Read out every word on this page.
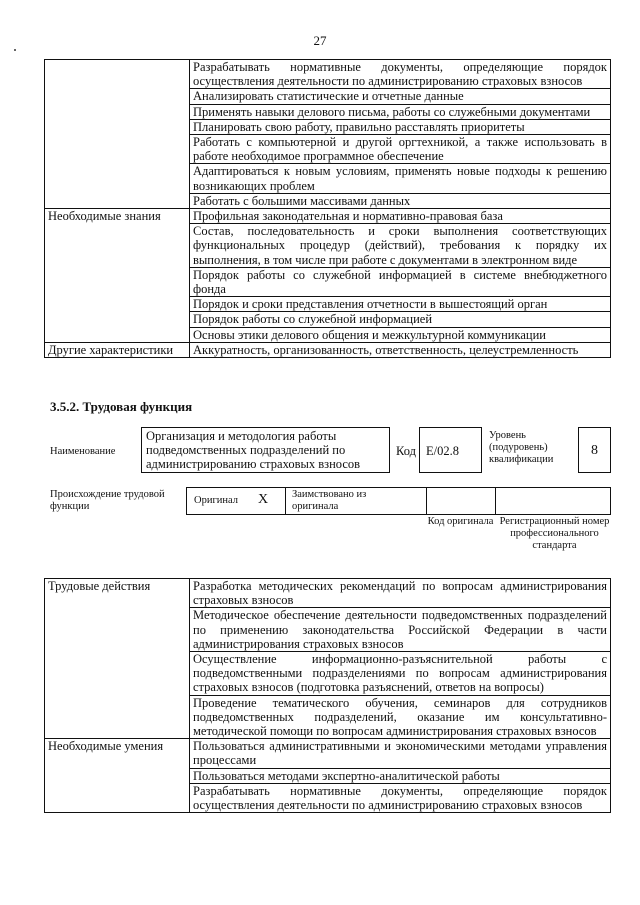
27
	Разрабатывать нормативные документы, определяющие порядок осуществления деятельности по администрированию страховых взносов
	Анализировать статистические и отчетные данные
	Применять навыки делового письма, работы со служебными документами
	Планировать свою работу, правильно расставлять приоритеты
	Работать с компьютерной и другой оргтехникой, а также использовать в работе необходимое программное обеспечение
	Адаптироваться к новым условиям, применять новые подходы к решению возникающих проблем
	Работать с большими массивами данных
Необходимые знания	Профильная законодательная и нормативно-правовая база
	Состав, последовательность и сроки выполнения соответствующих функциональных процедур (действий), требования к порядку их выполнения, в том числе при работе с документами в электронном виде
	Порядок работы со служебной информацией в системе внебюджетного фонда
	Порядок и сроки представления отчетности в вышестоящий орган
	Порядок работы со служебной информацией
	Основы этики делового общения и межкультурной коммуникации
Другие характеристики	Аккуратность, организованность, ответственность, целеустремленность
3.5.2. Трудовая функция
Наименование
Организация и методология работы подведомственных подразделений по администрированию страховых взносов
Код E/02.8
Уровень (подуровень) квалификации
8
Происхождение трудовой функции
Оригинал X Заимствовано из оригинала
Код оригинала Регистрационный номер профессионального стандарта
Трудовые действия	Разработка методических рекомендаций по вопросам администрирования страховых взносов
	Методическое обеспечение деятельности подведомственных подразделений по применению законодательства Российской Федерации в части администрирования страховых взносов
	Осуществление информационно-разъяснительной работы с подведомственными подразделениями по вопросам администрирования страховых взносов (подготовка разъяснений, ответов на вопросы)
	Проведение тематического обучения, семинаров для сотрудников подведомственных подразделений, оказание им консультативно-методической помощи по вопросам администрирования страховых взносов
Необходимые умения	Пользоваться административными и экономическими методами управления процессами
	Пользоваться методами экспертно-аналитической работы
	Разрабатывать нормативные документы, определяющие порядок осуществления деятельности по администрированию страховых взносов
